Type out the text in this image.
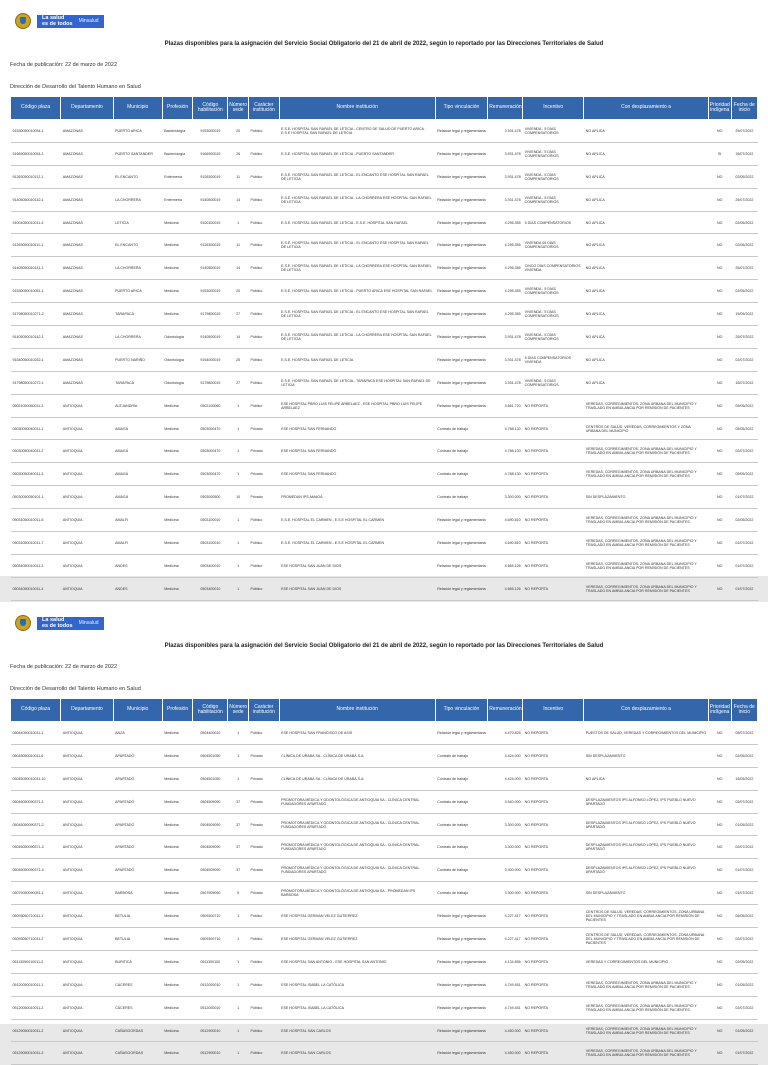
La salud
es de todos Minsalud
Plazas disponibles para la asignación del Servicio Social Obligatorio del 21 de abril de 2022, según lo reportado por las Direcciones Territoriales de Salud
Fecha de publicación: 22 de marzo de 2022
Dirección de Desarrollo del Talento Humano en Salud
Código plaza	Departamento	Municipio	Profesión	Código habilitación	Número sede	Carácter institución	Nombre institución	Tipo vinculación	Remuneración	Incentivo	Con desplazamiento a	Prioridad indígena	Fecha de inicio
91530050010054-1	AMAZONAS	PUERTO ARICA	Bacteriología	9153000019	20	Público	E.S.E. HOSPITAL SAN RAFAEL DE LETICIA - CENTRO DE SALUD DE PUERTO ARICA - E.S.E HOSPITAL SAN RAFAEL DE LETICIA	Relación legal y reglamentaria	3.931.478	VIVIENDA - 5 DÍAS COMPENSATORIOS	NO APLICA	NO	25/07/2022
91669050010054-1	AMAZONAS	PUERTO SANTANDER	Bacteriología	9166900019	26	Público	E.S.E. HOSPITAL SAN RAFAEL DE LETICIA - PUERTO SANTANDER	Relación legal y reglamentaria	3.931.478	VIVIENDA - 5 DÍAS COMPENSATORIOS	NO APLICA	SI	15/07/2022
91263050010112-1	AMAZONAS	EL ENCANTO	Enfermería	9126300019	11	Público	E.S.E. HOSPITAL SAN RAFAEL DE LETICIA - EL ENCANTO ESE HOSPITAL SAN RAFAEL DE LETICIA	Relación legal y reglamentaria	3.931.478	VIVIENDA - 5 DÍAS COMPENSATORIOS	NO APLICA	NO	02/05/2022
91405050010142-1	AMAZONAS	LA CHORRERA	Enfermería	9140500019	14	Público	E.S.E. HOSPITAL SAN RAFAEL DE LETICIA - LA CHORRERA ESE HOSPITAL SAN RAFAEL DE LETICIA	Relación legal y reglamentaria	3.931.478	VIVIENDA - 5 DÍAS COMPENSATORIOS	NO APLICA	NO	25/07/2022
91001050010011-3	AMAZONAS	LETICIA	Medicina	9100100019	1	Público	E.S.E. HOSPITAL SAN RAFAEL DE LETICIA - E.S.E. HOSPITAL SAN RAFAEL	Relación legal y reglamentaria	4.295.355	5 DÍAS COMPENSATORIOS	NO APLICA	NO	02/05/2022
91263050010111-1	AMAZONAS	EL ENCANTO	Medicina	9126300019	11	Público	E.S.E. HOSPITAL SAN RAFAEL DE LETICIA - EL ENCANTO ESE HOSPITAL SAN RAFAEL DE LETICIA	Relación legal y reglamentaria	4.295.355	VIVIENDA 05 DÍAS COMPENSATORIOS	NO APLICA	NO	02/05/2022
91405050010141-1	AMAZONAS	LA CHORRERA	Medicina	9140500019	14	Público	E.S.E. HOSPITAL SAN RAFAEL DE LETICIA - LA CHORRERA ESE HOSPITAL SAN RAFAEL DE LETICIA	Relación legal y reglamentaria	4.295.355	CINCO DÍAS COMPENSATORIOS VIVIENDA	NO APLICA	NO	25/07/2022
91530050010051-1	AMAZONAS	PUERTO ARICA	Medicina	9153000019	20	Público	E.S.E. HOSPITAL SAN RAFAEL DE LETICIA - PUERTO ARICA ESE HOSPITAL SAN RAFAEL	Relación legal y reglamentaria	4.295.355	VIVIENDA - 5 DÍAS COMPENSATORIOS	NO APLICA	NO	02/05/2022
91798050010271-2	AMAZONAS	TARAPACÁ	Medicina	9179800019	27	Público	E.S.E. HOSPITAL SAN RAFAEL DE LETICIA - EL ENCANTO ESE HOSPITAL SAN RAFAEL DE LETICIA	Relación legal y reglamentaria	4.295.355	VIVIENDA - 5 DÍAS COMPENSATORIOS	NO APLICA	NO	15/05/2022
91405050010142-1	AMAZONAS	LA CHORRERA	Odontología	9140500019	14	Público	E.S.E. HOSPITAL SAN RAFAEL DE LETICIA - LA CHORRERA ESE HOSPITAL SAN RAFAEL DE LETICIA	Relación legal y reglamentaria	3.931.478	VIVIENDA - 5 DÍAS COMPENSATORIOS	NO APLICA	NO	25/07/2022
91540050010252-1	AMAZONAS	PUERTO NARIÑO	Odontología	9154000019	25	Público	E.S.E. HOSPITAL SAN RAFAEL DE LETICIA	Relación legal y reglamentaria	3.931.478	5 DÍAS COMPENSATORIOS VIVIENDA	NO APLICA	NO	02/07/2022
91798050010272-1	AMAZONAS	TARAPACÁ	Odontología	9179800019	27	Público	E.S.E. HOSPITAL SAN RAFAEL DE LETICIA - TARAPACÁ ESE HOSPITAL SAN RAFAEL DE LETICIA	Relación legal y reglamentaria	3.931.478	VIVIENDA - 5 DÍAS COMPENSATORIOS	NO APLICA	NO	15/07/2022
05021050060011-3	ANTIOQUIA	ALEJANDRÍA	Medicina	0502100060	1	Público	ESE HOSPITAL PBRO LUIS FELIPE ARBELAEZ - ESE HOSPITAL PBRO LUIS FELIPE ARBELAEZ	Relación legal y reglamentaria	3.661.720	NO REPORTA	VEREDAS, CORREGIMIENTOS, ZONA URBANA DEL MUNICIPIO Y TRASLADO EN AMBULANCIA POR REMISIÓN DE PACIENTES	NO	05/05/2022
05030050040011-1	ANTIOQUIA	AMAGÁ	Medicina	0503000470	1	Privado	ESE HOSPITAL SAN FERNANDO	Contrato de trabajo	4.788.130	NO REPORTA	CENTROS DE SALUD, VEREDAS, CORREGIMIENTOS Y ZONA URBANA DEL MUNICIPIO	NO	05/05/2022
05030050040011-2	ANTIOQUIA	AMAGÁ	Medicina	0503000470	1	Privado	ESE HOSPITAL SAN FERNANDO	Contrato de trabajo	4.788.130	NO REPORTA	VEREDAS, CORREGIMIENTOS, ZONA URBANA DEL MUNICIPIO Y TRASLADO EN AMBULANCIA POR REMISIÓN DE PACIENTES	NO	02/07/2022
05030050040011-3	ANTIOQUIA	AMAGÁ	Medicina	0503000470	1	Privado	ESE HOSPITAL SAN FERNANDO	Contrato de trabajo	4.788.130	NO REPORTA	VEREDAS, CORREGIMIENTOS, ZONA URBANA DEL MUNICIPIO Y TRASLADO EN AMBULANCIA POR REMISIÓN DE PACIENTES	NO	05/05/2022
05030050050101-1	ANTIOQUIA	AMAGÁ	Medicina	0503000500	10	Privado	PROMEDAN IPS AMAGÁ	Contrato de trabajo	3.300.000	NO REPORTA	SIN DESPLAZAMIENTO	NO	01/07/2022
05031050010011-5	ANTIOQUIA	AMALFI	Medicina	0503100010	1	Público	E.S.E. HOSPITAL EL CARMEN - E.S.E HOSPITAL EL CARMEN	Relación legal y reglamentaria	4.690.810	NO REPORTA	VEREDAS, CORREGIMIENTOS, ZONA URBANA DEL MUNICIPIO Y TRASLADO EN AMBULANCIA POR REMISIÓN DE PACIENTES	NO	02/05/2022
05031050010011-7	ANTIOQUIA	AMALFI	Medicina	0503100010	1	Público	E.S.E. HOSPITAL EL CARMEN - E.S.E HOSPITAL EL CARMEN	Relación legal y reglamentaria	4.690.810	NO REPORTA	VEREDAS, CORREGIMIENTOS, ZONA URBANA DEL MUNICIPIO Y TRASLADO EN AMBULANCIA POR REMISIÓN DE PACIENTES	NO	01/07/2022
05034050010011-3	ANTIOQUIA	ANDES	Medicina	0503400010	1	Público	ESE HOSPITAL SAN JUAN DE DIOS	Relación legal y reglamentaria	4.665.126	NO REPORTA	VEREDAS, CORREGIMIENTOS, ZONA URBANA DEL MUNICIPIO Y TRASLADO EN AMBULANCIA POR REMISIÓN DE PACIENTES	NO	01/07/2022
05034050010011-4	ANTIOQUIA	ANDES	Medicina	0503400010	1	Público	ESE HOSPITAL SAN JUAN DE DIOS	Relación legal y reglamentaria	4.665.126	NO REPORTA	VEREDAS, CORREGIMIENTOS, ZONA URBANA DEL MUNICIPIO Y TRASLADO EN AMBULANCIA POR REMISIÓN DE PACIENTES	NO	01/07/2022
La salud
es de todos Minsalud
Plazas disponibles para la asignación del Servicio Social Obligatorio del 21 de abril de 2022, según lo reportado por las Direcciones Territoriales de Salud
Fecha de publicación: 22 de marzo de 2022
Dirección de Desarrollo del Talento Humano en Salud
Código plaza	Departamento	Municipio	Profesión	Código habilitación	Número sede	Carácter institución	Nombre institución	Tipo vinculación	Remuneración	Incentivo	Con desplazamiento a	Prioridad indígena	Fecha de inicio
05044050010011-1	ANTIOQUIA	ANZÁ	Medicina	0504400010	1	Público	ESE HOSPITAL SAN FRANCISCO DE ASIS	Relación legal y reglamentaria	4.470.825	NO REPORTA	PUESTOS DE SALUD, VEREDAS Y CORREGIMIENTOS DEL MUNICIPIO	NO	05/07/2022
05045050010011-6	ANTIOQUIA	APARTADÓ	Medicina	0504501050	1	Privado	CLÍNICA DE URABÁ SA - CLÍNICA DE URABÁ S.A.	Contrato de trabajo	4.424.000	NO REPORTA	SIN DESPLAZAMIENTO	NO	02/05/2022
05045050010011-10	ANTIOQUIA	APARTADÓ	Medicina	0504501050	1	Privado	CLÍNICA DE URABÁ SA - CLÍNICA DE URABÁ S.A.	Contrato de trabajo	4.424.000	NO REPORTA	NO APLICA	NO	15/05/2022
05045050090371-1	ANTIOQUIA	APARTADÓ	Medicina	0504509090	37	Privado	PROMOTORA MÉDICA Y ODONTOLÓGICA DE ANTIOQUIA SA - CLÍNICA CENTRAL FUNDADORES APARTADÓ	Contrato de trabajo	3.540.000	NO REPORTA	DESPLAZAMIENTOS IPS ALFONSO LÓPEZ, IPS PUEBLO NUEVO APARTADÓ	NO	02/07/2022
05045050090371-2	ANTIOQUIA	APARTADÓ	Medicina	0504509090	37	Privado	PROMOTORA MÉDICA Y ODONTOLÓGICA DE ANTIOQUIA SA - CLÍNICA CENTRAL FUNDADORES APARTADÓ	Contrato de trabajo	3.300.000	NO REPORTA	DESPLAZAMIENTOS IPS ALFONSO LÓPEZ, IPS PUEBLO NUEVO APARTADÓ	NO	01/05/2022
05045050090371-3	ANTIOQUIA	APARTADÓ	Medicina	0504509090	37	Privado	PROMOTORA MÉDICA Y ODONTOLÓGICA DE ANTIOQUIA SA - CLÍNICA CENTRAL FUNDADORES APARTADÓ	Contrato de trabajo	3.300.000	NO REPORTA	DESPLAZAMIENTOS IPS ALFONSO LÓPEZ, IPS PUEBLO NUEVO APARTADÓ	NO	02/07/2022
05045050090371-4	ANTIOQUIA	APARTADÓ	Medicina	0504509090	37	Privado	PROMOTORA MÉDICA Y ODONTOLÓGICA DE ANTIOQUIA SA - CLÍNICA CENTRAL FUNDADORES APARTADÓ	Contrato de trabajo	3.300.000	NO REPORTA	DESPLAZAMIENTOS IPS ALFONSO LÓPEZ, IPS PUEBLO NUEVO APARTADÓ	NO	01/07/2022
05079050090051-1	ANTIOQUIA	BARBOSA	Medicina	0507909090	5	Privado	PROMOTORA MÉDICA Y ODONTOLÓGICA DE ANTIOQUIA SA - PROMEDAN IPS BARBOSA	Contrato de trabajo	3.300.000	NO REPORTA	SIN DESPLAZAMIENTO	NO	01/07/2022
05093050710011-1	ANTIOQUIA	BETULIA	Medicina	0509300710	1	Público	ESE HOSPITAL GERMAN VELEZ GUTIERREZ	Relación legal y reglamentaria	4.227.417	NO REPORTA	CENTROS DE SALUD, VEREDAS, CORREGIMIENTOS, ZONA URBANA DEL MUNICIPIO Y TRASLADO EN AMBULANCIA POR REMISIÓN DE PACIENTES	NO	05/05/2022
05093050710011-2	ANTIOQUIA	BETULIA	Medicina	0509300710	1	Público	ESE HOSPITAL GERMAN VELEZ GUTIERREZ	Relación legal y reglamentaria	4.227.417	NO REPORTA	CENTROS DE SALUD, VEREDAS, CORREGIMIENTOS, ZONA URBANA DEL MUNICIPIO Y TRASLADO EN AMBULANCIA POR REMISIÓN DE PACIENTES	NO	02/07/2022
05113050010011-2	ANTIOQUIA	BURITICÁ	Medicina	0511300100	1	Público	ESE HOSPITAL SAN ANTONIO - ESE HOSPITAL SAN ANTONIO	Relación legal y reglamentaria	4.134.856	NO REPORTA	VEREDAS Y CORREGIMIENTOS DEL MUNICIPIO	NO	02/05/2022
05120050010011-1	ANTIOQUIA	CÁCERES	Medicina	0512000010	1	Público	ESE HOSPITAL ISABEL LA CATÓLICA	Relación legal y reglamentaria	4.749.451	NO REPORTA	VEREDAS, CORREGIMIENTOS, ZONA URBANA DEL MUNICIPIO Y TRASLADO EN AMBULANCIA POR REMISIÓN DE PACIENTES	NO	01/05/2022
05120050010011-2	ANTIOQUIA	CÁCERES	Medicina	0512000010	1	Público	ESE HOSPITAL ISABEL LA CATÓLICA	Relación legal y reglamentaria	4.749.451	NO REPORTA	VEREDAS, CORREGIMIENTOS, ZONA URBANA DEL MUNICIPIO Y TRASLADO EN AMBULANCIA POR REMISIÓN DE PACIENTES	NO	02/07/2022
05129050010011-2	ANTIOQUIA	CAÑASGORDAS	Medicina	0512900010	1	Público	ESE HOSPITAL SAN CARLOS	Relación legal y reglamentaria	4.450.000	NO REPORTA	VEREDAS, CORREGIMIENTOS, ZONA URBANA DEL MUNICIPIO Y TRASLADO EN AMBULANCIA POR REMISIÓN DE PACIENTES	NO	01/05/2022
05129050010011-3	ANTIOQUIA	CAÑASGORDAS	Medicina	0512900010	1	Público	ESE HOSPITAL SAN CARLOS	Relación legal y reglamentaria	4.450.000	NO REPORTA	VEREDAS, CORREGIMIENTOS, ZONA URBANA DEL MUNICIPIO Y TRASLADO EN AMBULANCIA POR REMISIÓN DE PACIENTES	NO	01/07/2022
